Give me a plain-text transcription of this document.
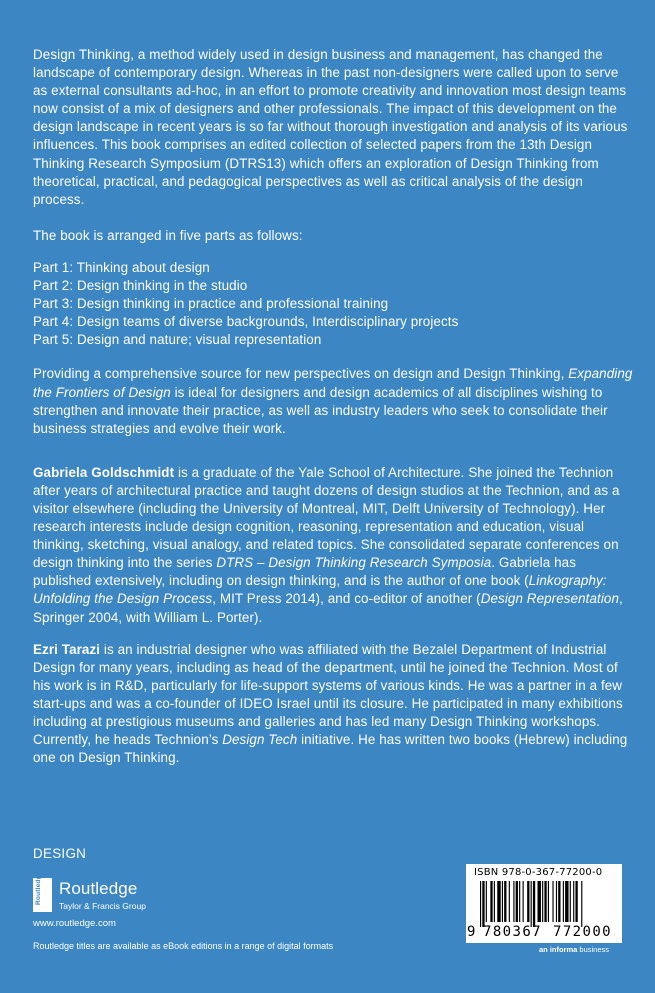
Design Thinking, a method widely used in design business and management, has changed the landscape of contemporary design. Whereas in the past non-designers were called upon to serve as external consultants ad-hoc, in an effort to promote creativity and innovation most design teams now consist of a mix of designers and other professionals. The impact of this development on the design landscape in recent years is so far without thorough investigation and analysis of its various influences. This book comprises an edited collection of selected papers from the 13th Design Thinking Research Symposium (DTRS13) which offers an exploration of Design Thinking from theoretical, practical, and pedagogical perspectives as well as critical analysis of the design process.

The book is arranged in five parts as follows:

Part 1: Thinking about design
Part 2: Design thinking in the studio
Part 3: Design thinking in practice and professional training
Part 4: Design teams of diverse backgrounds, Interdisciplinary projects
Part 5: Design and nature; visual representation

Providing a comprehensive source for new perspectives on design and Design Thinking, Expanding the Frontiers of Design is ideal for designers and design academics of all disciplines wishing to strengthen and innovate their practice, as well as industry leaders who seek to consolidate their business strategies and evolve their work.

Gabriela Goldschmidt is a graduate of the Yale School of Architecture. She joined the Technion after years of architectural practice and taught dozens of design studios at the Technion, and as a visitor elsewhere (including the University of Montreal, MIT, Delft University of Technology). Her research interests include design cognition, reasoning, representation and education, visual thinking, sketching, visual analogy, and related topics. She consolidated separate conferences on design thinking into the series DTRS – Design Thinking Research Symposia. Gabriela has published extensively, including on design thinking, and is the author of one book (Linkography: Unfolding the Design Process, MIT Press 2014), and co-editor of another (Design Representation, Springer 2004, with William L. Porter).

Ezri Tarazi is an industrial designer who was affiliated with the Bezalel Department of Industrial Design for many years, including as head of the department, until he joined the Technion. Most of his work is in R&D, particularly for life-support systems of various kinds. He was a partner in a few start-ups and was a co-founder of IDEO Israel until its closure. He participated in many exhibitions including at prestigious museums and galleries and has led many Design Thinking workshops. Currently, he heads Technion’s Design Tech initiative. He has written two books (Hebrew) including one on Design Thinking.

DESIGN
Routledge Routledge
Taylor & Francis Group
www.routledge.com
Routledge titles are available as eBook editions in a range of digital formats
ISBN 978-0-367-77200-0
9 780367 772000
an informa business
